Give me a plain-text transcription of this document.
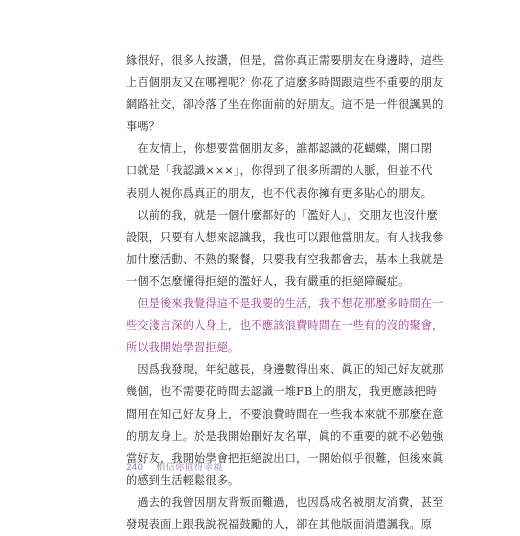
緣很好，很多人按讚，但是，當你真正需要朋友在身邊時，這些
上百個朋友又在哪裡呢？你花了這麼多時間跟這些不重要的朋友
網路社交，卻冷落了坐在你面前的好朋友。這不是一件很諷異的
事嗎？
　在友情上，你想要當個朋友多，誰都認識的花蝴蝶，開口閉
口就是「我認識×××」，你得到了很多所謂的人脈，但並不代
表別人視你爲真正的朋友，也不代表你擁有更多貼心的朋友。
　以前的我，就是一個什麼都好的「濫好人」，交朋友也沒什麼
設限，只要有人想來認識我，我也可以跟他當朋友。有人找我參
加什麼活動、不熟的聚餐，只要我有空我都會去，基本上我就是
一個不怎麼懂得拒絕的濫好人，我有嚴重的拒絕障礙症。
　但是後來我覺得這不是我要的生活，我不想花那麼多時間在一
些交淺言深的人身上，也不應該浪費時間在一些有的沒的聚會，
所以我開始學習拒絕。
　因爲我發現，年紀越長，身邊數得出來、眞正的知己好友就那
幾個，也不需要花時間去認識一堆FB上的朋友，我更應該把時
間用在知己好友身上，不要浪費時間在一些我本來就不那麼在意
的朋友身上。於是我開始刪好友名單，眞的不重要的就不必勉強
當好友，我開始學會把拒絕說出口，一開始似乎很難，但後來眞
的感到生活輕鬆很多。
　過去的我曾因朋友背叛而難過，也因爲成名被朋友消費，甚至
發現表面上跟我說祝福鼓勵的人，卻在其他版面消遣諷我。原
240 相信你值得幸福
